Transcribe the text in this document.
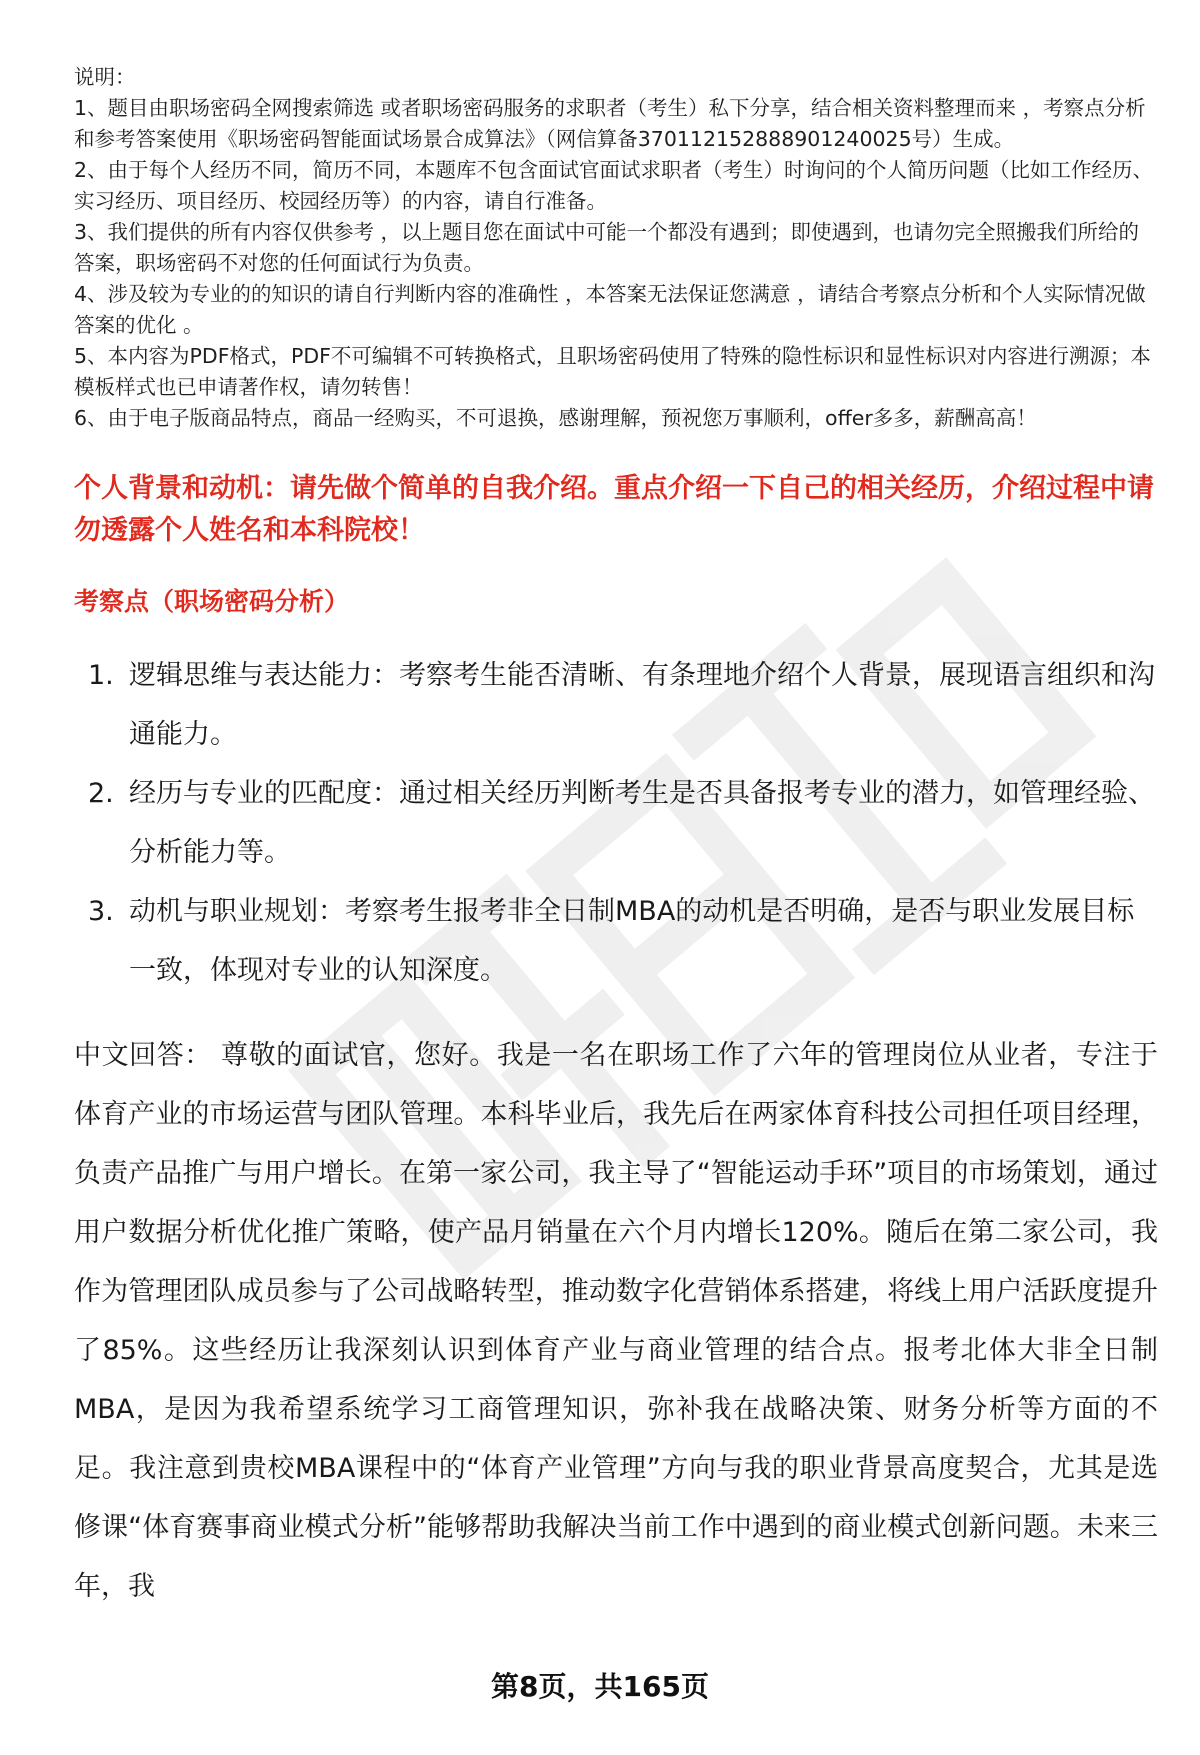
说明：

1、题目由职场密码全网搜索筛选 或者职场密码服务的求职者（考生）私下分享，结合相关资料整理而来 ，考察点分析和参考答案使用《职场密码智能面试场景合成算法》（网信算备370112152888901240025号）生成。

2、由于每个人经历不同，简历不同，本题库不包含面试官面试求职者（考生）时询问的个人简历问题（比如工作经历、实习经历、项目经历、校园经历等）的内容，请自行准备。

3、我们提供的所有内容仅供参考 ，以上题目您在面试中可能一个都没有遇到；即使遇到，也请勿完全照搬我们所给的答案，职场密码不对您的任何面试行为负责。

4、涉及较为专业的的知识的请自行判断内容的准确性 ，本答案无法保证您满意 ，请结合考察点分析和个人实际情况做答案的优化 。

5、本内容为PDF格式，PDF不可编辑不可转换格式，且职场密码使用了特殊的隐性标识和显性标识对内容进行溯源；本模板样式也已申请著作权，请勿转售！

6、由于电子版商品特点，商品一经购买，不可退换，感谢理解，预祝您万事顺利，offer多多，薪酬高高！

个人背景和动机：请先做个简单的自我介绍。重点介绍一下自己的相关经历，介绍过程中请勿透露个人姓名和本科院校！
考察点（职场密码分析）
1. 逻辑思维与表达能力：考察考生能否清晰、有条理地介绍个人背景，展现语言组织和沟通能力。
2. 经历与专业的匹配度：通过相关经历判断考生是否具备报考专业的潜力，如管理经验、分析能力等。
3. 动机与职业规划：考察考生报考非全日制MBA的动机是否明确，是否与职业发展目标一致，体现对专业的认知深度。
中文回答： 尊敬的面试官，您好。我是一名在职场工作了六年的管理岗位从业者，专注于体育产业的市场运营与团队管理。本科毕业后，我先后在两家体育科技公司担任项目经理，负责产品推广与用户增长。在第一家公司，我主导了“智能运动手环”项目的市场策划，通过用户数据分析优化推广策略，使产品月销量在六个月内增长120%。随后在第二家公司，我作为管理团队成员参与了公司战略转型，推动数字化营销体系搭建，将线上用户活跃度提升了85%。这些经历让我深刻认识到体育产业与商业管理的结合点。报考北体大非全日制MBA，是因为我希望系统学习工商管理知识，弥补我在战略决策、财务分析等方面的不足。我注意到贵校MBA课程中的“体育产业管理”方向与我的职业背景高度契合，尤其是选修课“体育赛事商业模式分析”能够帮助我解决当前工作中遇到的商业模式创新问题。未来三年，我
第8页，共165页
